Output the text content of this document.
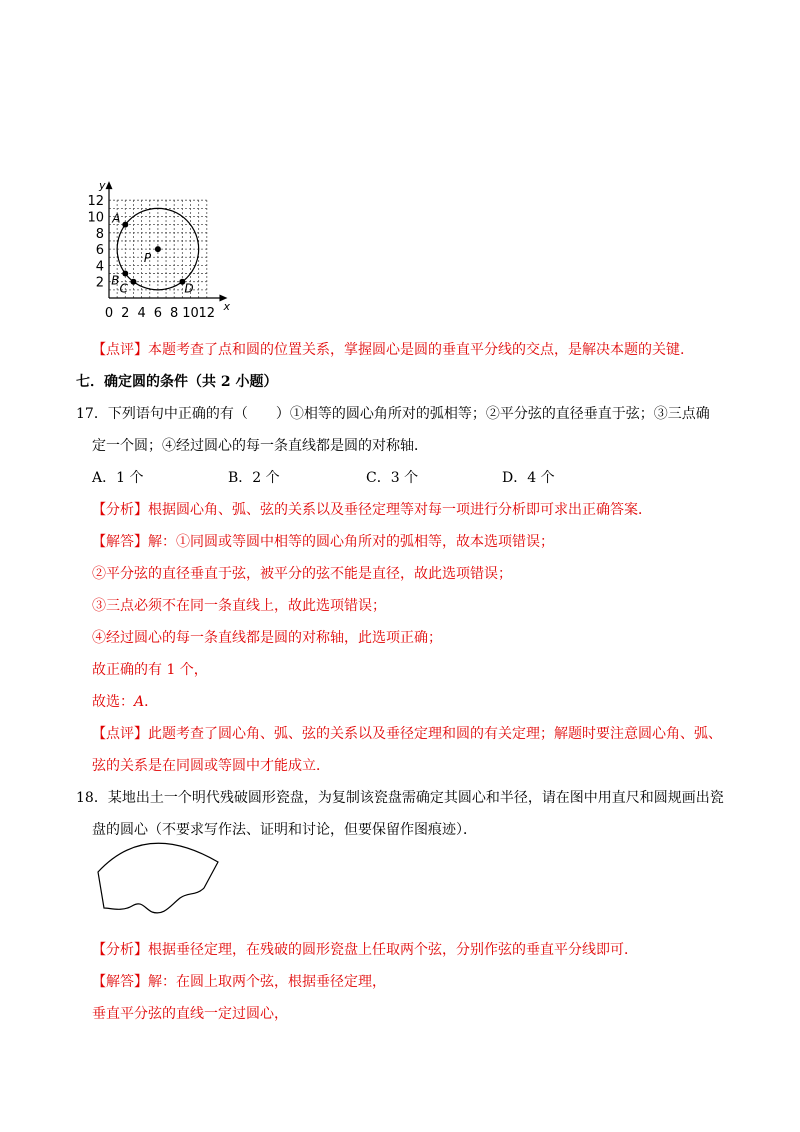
x
y
0 2 4 6 8 10 12
2
4
6
8
10
12
A
P
B
C	D
【点评】本题考查了点和圆的位置关系，掌握圆心是圆的垂直平分线的交点，是解决本题的关键.
七．确定圆的条件（共 2 小题）
17．下列语句中正确的有（　　）①相等的圆心角所对的弧相等；②平分弦的直径垂直于弦；③三点确
定一个圆；④经过圆心的每一条直线都是圆的对称轴．
A．1 个	B．2 个	C．3 个	D．4 个
【分析】根据圆心角、弧、弦的关系以及垂径定理等对每一项进行分析即可求出正确答案．
【解答】解：①同圆或等圆中相等的圆心角所对的弧相等，故本选项错误；
②平分弦的直径垂直于弦，被平分的弦不能是直径，故此选项错误；
③三点必须不在同一条直线上，故此选项错误；
④经过圆心的每一条直线都是圆的对称轴，此选项正确；
故正确的有 1 个，
故选：A．
【点评】此题考查了圆心角、弧、弦的关系以及垂径定理和圆的有关定理；解题时要注意圆心角、弧、
弦的关系是在同圆或等圆中才能成立．
18．某地出土一个明代残破圆形瓷盘，为复制该瓷盘需确定其圆心和半径，请在图中用直尺和圆规画出瓷
盘的圆心（不要求写作法、证明和讨论，但要保留作图痕迹）．
【分析】根据垂径定理，在残破的圆形瓷盘上任取两个弦，分别作弦的垂直平分线即可．
【解答】解：在圆上取两个弦，根据垂径定理，
垂直平分弦的直线一定过圆心，
